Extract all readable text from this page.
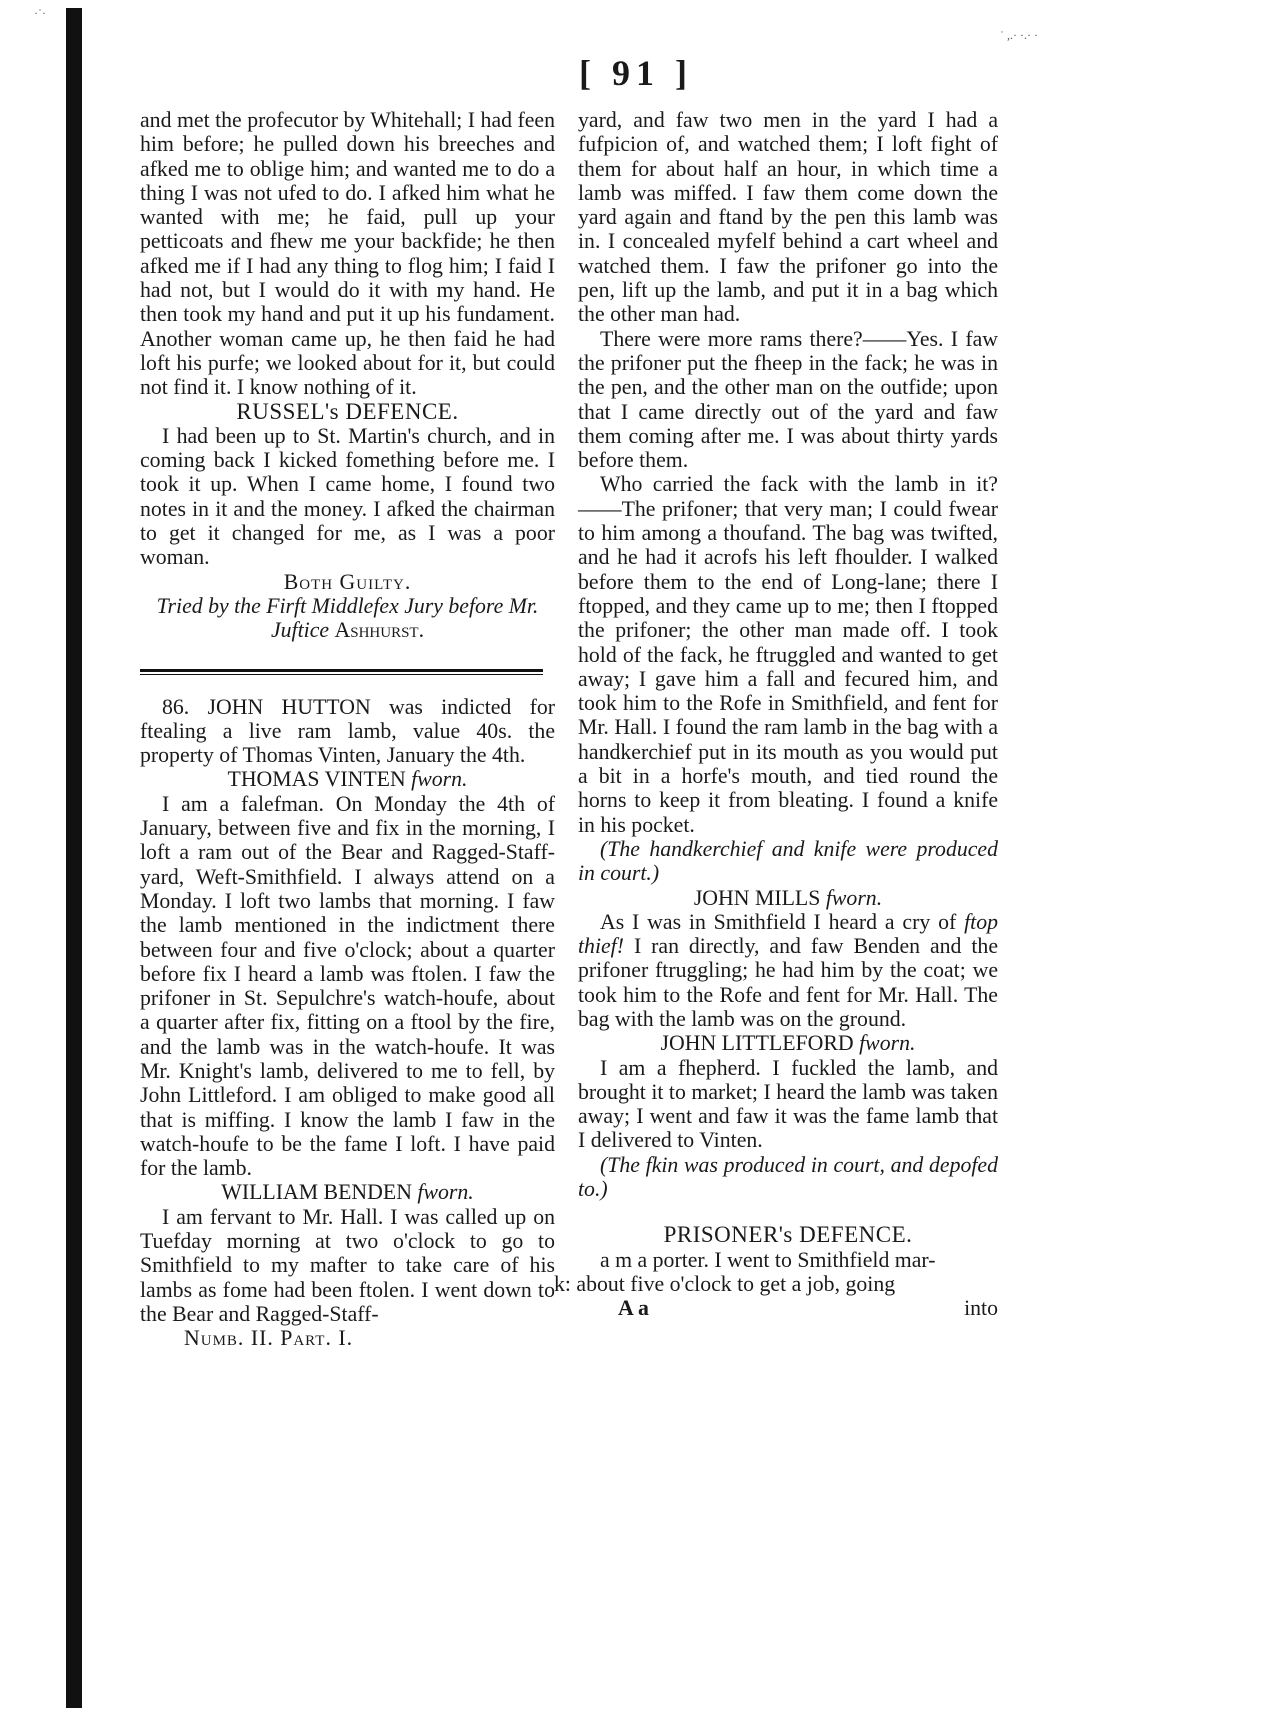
˙ ,.· ·.· ·
·˙·
[ 91 ]

and met the profecutor by Whitehall; I had feen him before; he pulled down his breeches and afked me to oblige him; and wanted me to do a thing I was not ufed to do. I afked him what he wanted with me; he faid, pull up your petticoats and fhew me your backfide; he then afked me if I had any thing to flog him; I faid I had not, but I would do it with my hand. He then took my hand and put it up his fundament. Another woman came up, he then faid he had loft his purfe; we looked about for it, but could not find it. I know nothing of it.

RUSSEL's DEFENCE.

I had been up to St. Martin's church, and in coming back I kicked fomething before me. I took it up. When I came home, I found two notes in it and the money. I afked the chairman to get it changed for me, as I was a poor woman.

Both Guilty.
Tried by the Firft Middlefex Jury before Mr. Juftice Ashhurst.

86. JOHN HUTTON was indicted for ftealing a live ram lamb, value 40s. the property of Thomas Vinten, January the 4th.

THOMAS VINTEN fworn.

I am a falefman. On Monday the 4th of January, between five and fix in the morning, I loft a ram out of the Bear and Ragged-Staff-yard, Weft-Smithfield. I always attend on a Monday. I loft two lambs that morning. I faw the lamb mentioned in the indictment there between four and five o'clock; about a quarter before fix I heard a lamb was ftolen. I faw the prifoner in St. Sepulchre's watch-houfe, about a quarter after fix, fitting on a ftool by the fire, and the lamb was in the watch-houfe. It was Mr. Knight's lamb, delivered to me to fell, by John Littleford. I am obliged to make good all that is miffing. I know the lamb I faw in the watch-houfe to be the fame I loft. I have paid for the lamb.

WILLIAM BENDEN fworn.

I am fervant to Mr. Hall. I was called up on Tuefday morning at two o'clock to go to Smithfield to my mafter to take care of his lambs as fome had been ftolen. I went down to the Bear and Ragged-Staff-

Numb. II. Part. I.

yard, and faw two men in the yard I had a fufpicion of, and watched them; I loft fight of them for about half an hour, in which time a lamb was miffed. I faw them come down the yard again and ftand by the pen this lamb was in. I concealed myfelf behind a cart wheel and watched them. I faw the prifoner go into the pen, lift up the lamb, and put it in a bag which the other man had.

There were more rams there?——Yes. I faw the prifoner put the fheep in the fack; he was in the pen, and the other man on the outfide; upon that I came directly out of the yard and faw them coming after me. I was about thirty yards before them.

Who carried the fack with the lamb in it? ——The prifoner; that very man; I could fwear to him among a thoufand. The bag was twifted, and he had it acrofs his left fhoulder. I walked before them to the end of Long-lane; there I ftopped, and they came up to me; then I ftopped the prifoner; the other man made off. I took hold of the fack, he ftruggled and wanted to get away; I gave him a fall and fecured him, and took him to the Rofe in Smithfield, and fent for Mr. Hall. I found the ram lamb in the bag with a handkerchief put in its mouth as you would put a bit in a horfe's mouth, and tied round the horns to keep it from bleating. I found a knife in his pocket.

(The handkerchief and knife were produced in court.)

JOHN MILLS fworn.

As I was in Smithfield I heard a cry of ftop thief! I ran directly, and faw Benden and the prifoner ftruggling; he had him by the coat; we took him to the Rofe and fent for Mr. Hall. The bag with the lamb was on the ground.

JOHN LITTLEFORD fworn.

I am a fhepherd. I fuckled the lamb, and brought it to market; I heard the lamb was taken away; I went and faw it was the fame lamb that I delivered to Vinten.

(The fkin was produced in court, and depofed to.)

PRISONER's DEFENCE.

a m a porter. I went to Smithfield mar-

k: about five o'clock to get a job, going

A a	into
